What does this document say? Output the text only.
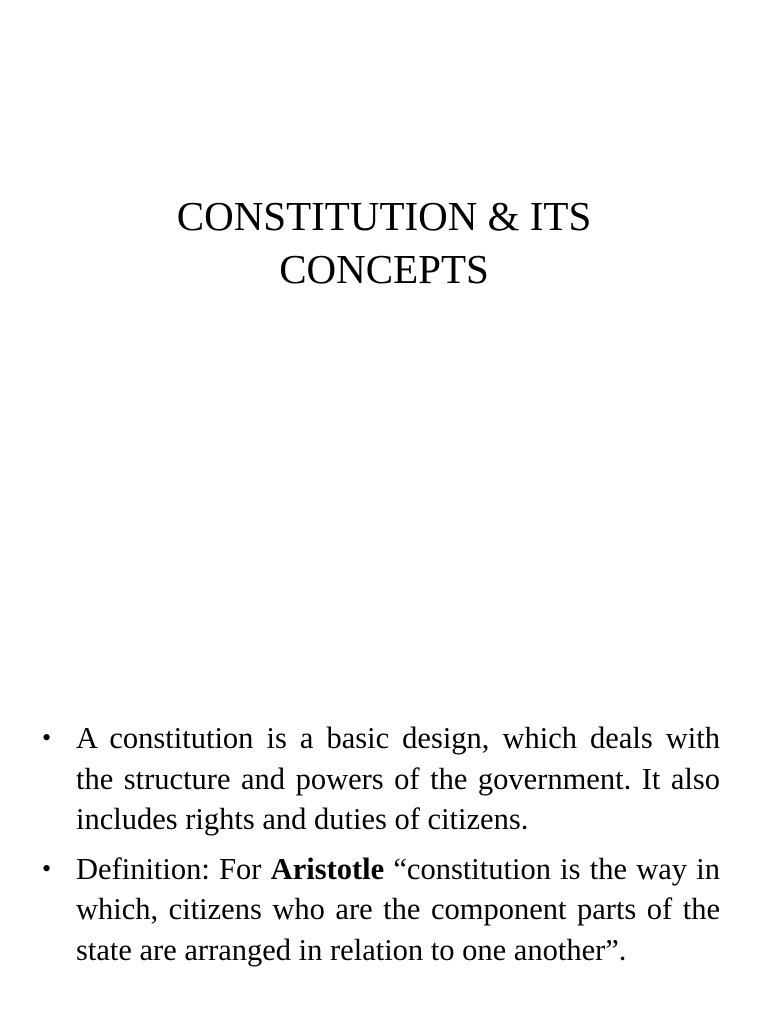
CONSTITUTION & ITS
CONCEPTS
• A constitution is a basic design, which deals with the structure and powers of the government. It also includes rights and duties of citizens.
• Definition: For Aristotle “constitution is the way in which, citizens who are the component parts of the state are arranged in relation to one another”.
